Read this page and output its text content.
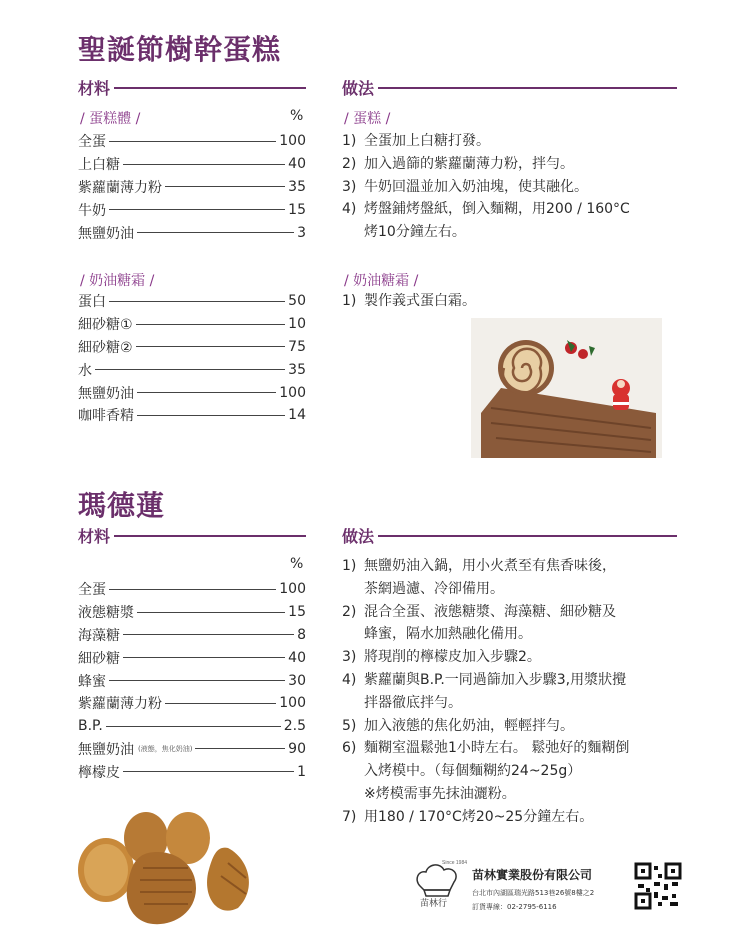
聖誕節樹幹蛋糕
材料	做法
/ 蛋糕體 /	%
全蛋	100
上白糖	40
紫蘿蘭薄力粉	35
牛奶	15
無鹽奶油	3
/ 奶油糖霜 /
蛋白	50
細砂糖①	10
細砂糖②	75
水	35
無鹽奶油	100
咖啡香精	14
/ 蛋糕 /
1) 全蛋加上白糖打發。
2) 加入過篩的紫蘿蘭薄力粉，拌勻。
3) 牛奶回溫並加入奶油塊，使其融化。
4) 烤盤鋪烤盤紙，倒入麵糊，用200 / 160°C
烤10分鐘左右。
/ 奶油糖霜 /
1) 製作義式蛋白霜。
瑪德蓮
材料	做法
%
全蛋	100
液態糖漿	15
海藻糖	8
細砂糖	40
蜂蜜	30
紫蘿蘭薄力粉	100
B.P.	2.5
無鹽奶油 (液態，焦化奶油)	90
檸檬皮	1
1) 無鹽奶油入鍋，用小火煮至有焦香味後，
茶網過濾、冷卻備用。
2) 混合全蛋、液態糖漿、海藻糖、細砂糖及
蜂蜜，隔水加熱融化備用。
3) 將現削的檸檬皮加入步驟2。
4) 紫蘿蘭與B.P.一同過篩加入步驟3,用漿狀攪
拌器徹底拌勻。
5) 加入液態的焦化奶油，輕輕拌勻。
6) 麵糊室溫鬆弛1小時左右。 鬆弛好的麵糊倒
入烤模中。（每個麵糊約24~25g）
※烤模需事先抹油灑粉。
7) 用180 / 170°C烤20~25分鐘左右。
Since 1984
苗林行
苗林實業股份有限公司
台北市內湖區瑞光路513巷26號8樓之2
訂貨專線：02-2795-6116
